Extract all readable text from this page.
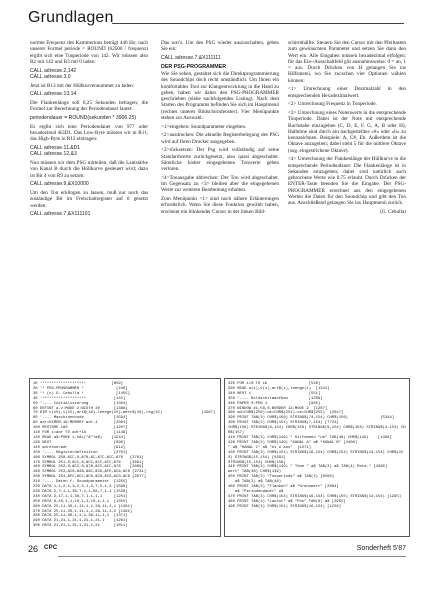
Grundlagen

normte Frequenz des Kammertons beträgt 440 Hz; nach unserer Formel periode = ROUND (62500 / frequenz) ergibt sich eine Tonperiode von 142. Wir müssen also R2 mit 142 und R3 mit 0 laden:

CALL adresse.2,142
CALL adresse.3,0

Jetzt ist R13 mit der Hüllkurvennummer zu laden:

CALL adresse.13,14

Die Flankenlänge soll 0,25 Sekunden betragen; die Formel zur Berechnung der Periodendauer lautet:

periodendauer = ROUND(sekunden * 3906.25)

Es ergibt sich eine Periodendauer von 977 oder hexadezimal &3D1. Das Low-Byte müssen wir in R11, das High-Byte in R12 eintragen:

CALL adresse.11,&D1
CALL adresse.12,&3

Nun müssen wir dem PSG mitteilen, daß die Lautstärke von Kanal B durch die Hüllkurve gesteuert wird; dazu ist Bit 4 von R9 zu setzen:

CALL adresse.9,&X10000

Um den Ton erklingen zu lassen, muß nur noch das zuständige Bit im Freischaltregister auf 0 gesetzt werden:

CALL adresse.7,&X111101

Das war's. Um den PSG wieder auszuschalten, geben Sie ein:

CALL adresse.7,&X111111
DER PSG-PROGRAMMER

Wie Sie sehen, gestaltet sich die Direktprogrammierung des Soundchips doch recht umständlich. Um Ihnen ein komfortables Tool zur Klangentwicklung in die Hand zu geben, haben wir daher den PSG-PROGRAMMER geschrieben (siehe nachfolgendes Listing). Nach dem Starten des Programms befinden Sie sich im Hauptmenü (rechtes unteres Bildschirmfenster). Vier Menüpunkte stehen zur Auswahl:

<1>eingeben: Soundparameter eingeben.

<2>ausdrucken: Die aktuelle Registerbelegung des PSG wird auf Ihren Drucker ausgegeben.

<3>rücksetzen: Der Psg wird vollständig auf seine Standardwerte zurückgesetzt, also quasi abgeschaltet. Sämtliche bisher eingegebenen Tonwerte gehen verloren.

<4>Tonausgabe abbrechen: Der Ton wird abgeschaltet. Im Gegensatz zu <3> bleiben aber die eingegebenen Werte zur weiteren Bearbeitung erhalten.

Zum Menüpunkt <1> sind noch nähere Erläuterungen erforderlich. Wenn Sie diese Funktion gewählt haben, erscheint ein blinkender Cursor in der linken Bild-

schirmhälfte. Steuern Sie den Cursor mit den Pfeiltasten zum gewünschten Parameter und setzen Sie dann den Wert ein. Alle Eingaben müssen hexadezimal erfolgen; für das Ein-/Ausschaltfeld gilt ausnahmsweise: 0 = an, 1 = aus. Durch Drücken von H gelangen Sie ins Hilfsmenü, wo Sie zwischen vier Optionen wählen können:

<1> Umrechnung einer Dezimalzahl in den entsprechenden Hexadezimalwert.

<2> Umrechnung Frequenz in Tonperiode.

<3> Umrechnung eines Notenwerts in die entsprechende Tonperiode. Dabei ist der Note mit entsprechende Buchstabe einzugeben (C, D, E, F, G, A, B oder H); Halbtöne sind durch ein nachgestelltes »#« oder »b« zu kennzeichnen. Beispiele: A, C#, Eb. Außerdem ist die Oktave anzugeben; dabei steht 5 für die mittlere Oktave (sog. eingestrichene Oktave).

<4> Umrechnung der Flankenlänge der Hüllkurve in die entsprechende Periodendauer. Die Flankenlänge ist in Sekunden einzugeben; dabei sind natürlich auch gebrochene Werte wie 0.75 erlaubt. Durch Drücken der ENTER-Taste beenden Sie die Eingabe. Der PSG-PROGRAMMER errechnet aus den eingegebenen Werten die Daten für den Soundchip und gibt den Ton aus. Anschließend gelangen Sie ins Hauptmenü zurück.

(G. Cebulla)

10 '*******************           [659]
20 '* PSG-PROGRAMMER *              [246]
30 '* (c) G. Cebulla *              [1455]
40 '*******************            [141]
50 '---- Initialisierung           [1304]
60 DEFINT a-v:MODE 2:WIDTH 20      [1388]
70 DIM c(15),v(15),art$(16),leenge(15),wert$(16),reg(15)                 [3267]
80 '---- Maschinencode             [1594]
90 adr=HIMEM-19:MEMORY adr-1       [2004]
100 RESTORE 160                    [1207]
110 FOR i=adr TO adr+18            [1148]
120 READ a$:POKE i,VAL("&"+a$)    [1244]
130 NEXT                           [696]
140 adresse=adr                    [912]
150 '---- Registerdefinition       [2701]
160 SYMBOL 250,&CC,0,&78,&C,&7C,&CC,&76   [2701]
170 SYMBOL 251,0,&CC,0,&CC,&CC,&CC,&76    [3091]
180 SYMBOL 252,0,&CC,0,&78,&CC,&CC,&78    [3009]
190 SYMBOL 253,&C6,&38,&6C,&C6,&FE,&C6,&C6 [2731]
200 SYMBOL 254,&FC,&CC,&C0,&C0,&C0,&C0,&C0 [2977]
210 '---- Daten f. Soundparameter  [1255]
220 DATA 1,1,2,1,3,2,5,1,3,7,5,1,3 [1506]
230 DATA 2,7,1,1,30,7,1,1,58,7,1,1 [1526]
240 DATA 2,17,1,1,30,7,1,1,1,1     [1254]
250 DATA 8,10,1,1,10,1,1,10,1,1,1  [1355]
260 DATA 25,11,30,1,11,1,1,38,11,1,1 [1381]
270 DATA 25,11,30,1,11,1,1,38,11,1,2 [1361]
280 DATA 25,11,30,1,1,1,38,11,1,1  [1371]
290 DATA 21,21,1,21,1,21,1,21,1    [1261]
300 DATA 21,21,1,21,1,21,1,21      [1011]
320 FOR i=0 TO 16                  [528]
330 READ a(i),v(i),art$(i),leenge(i)  [1241]
340 NEXT i                         [551]
350 '---- Bildschirmaufbau         [1299]
360 PAPER 0:PEN 1                  [965]
370 WINDOW #1,58,0,BORDER 13:MODE 2  [1207]
380 md=CHR$(250):ue=CHR$(251):oe=CHR$(252)  [2017]
390 PRINT TAB(3) CHR$(150) STRING$(74,154) CHR$(156)              [5344]
400 PRINT TAB(3) CHR$(151) STRING$(7,154) [7723]
CHR$(158) STRING$(6,154) CHR$(159) STRING$(9,154) CHR$(158) STRING$(3,154) CHR$(157)
410 PRINT TAB(3) CHR$(149) " Hilfsmenü "ue" TAB(48) CHR$(149)    [1388]
420 PRINT TAB(3) CHR$(149) "KANAL A" a$ "KANAL B" [4406]
" a$ "KANAL C" a$ "ei ö aus"  [1271]
430 PRINT TAB(3) CHR$(151) STRING$(16,154) CHR$(154) STRING$(13,154) CHR$(153) STRING$(15,154) [0291]
STRING$(15,154) CHR$(156)
440 PRINT TAB(3) CHR$(149) " Töne " a$ TAB(3) a$ TAB(4) Rote-" [4266]
wert" TAB(48) CHR$(149)
450 PRINT TAB(3) "Tonperiode" a$ TAB(2) [0266]
a$ TAB(2) a$ TAB(48)
460 PRINT TAB(3) "Flanken" a$ "Grenzwert" [2084]
a$ "Periodendauer" a$
470 PRINT TAB(3) CHR$(154) STRING$(16,154) CHR$(155) STRING$(13,154) [1295]
480 PRINT TAB(3) "Lautst" a$ "Pos" TAB(6) a$ [2955]
490 PRINT TAB(3) CHR$(151) STRING$(16,154) [1229]
26 CPC	Sonderheft 5'87
